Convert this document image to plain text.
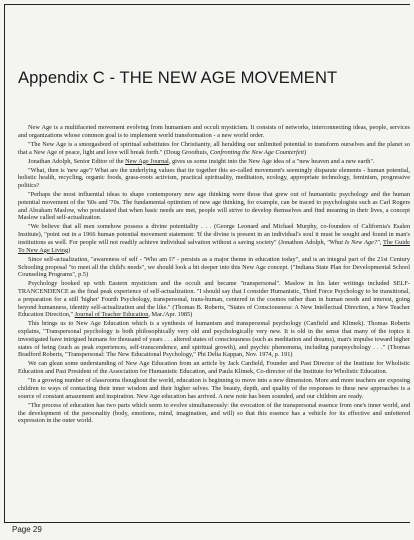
Appendix C - THE NEW AGE MOVEMENT

New Age is a multifaceted movement evolving from humanism and occult mysticism. It consists of networks, interconnecting ideas, people, services and organizations whose common goal is to implement world transformation - a new world order.

"The New Age is a smorgasbord of spiritual substitutes for Christianity, all heralding our unlimited potential to transform ourselves and the planet so that a New Age of peace, light and love will break forth." (Doug Groothuis, Confronting the New Age Counterfeit)

Jonathan Adolph, Senior Editor of the New Age Journal, gives us some insight into the New Age idea of a "new heaven and a new earth".

"What, then is 'new age'? What are the underlying values that tie together this so-called movement's seemingly disparate elements - human potential, holistic health, recycling, organic foods, grass-roots activism, practical spirituality, meditation, ecology, appropriate technology, feminism, progressive politics?

"Perhaps the most influential ideas to shape contemporary new age thinking were those that grew out of humanistic psychology and the human potential movement of the '60s and '70s. The fundamental optimism of new age thinking, for example, can be traced to psychologists such as Carl Rogers and Abraham Maslow, who postulated that when basic needs are met, people will strive to develop themselves and find meaning in their lives, a concept Maslow called self-actualization.

"We believe that all men somehow possess a divine potentiality . . . (George Leonard and Michael Murphy, co-founders of California's Esalen Institute), "point out in a 1966 human potential movement statement: 'If the divine is present in an individual's soul it must be sought and found in man's institutions as well. For people will not readily achieve individual salvation without a saving society" (Jonathon Adolph, "What Is New Age?", The Guide To New Age Living)

Since self-actualization, "awareness of self - 'Who am I?' - persists as a major theme in education today", and is an integral part of the 21st Century Schooling proposal "to meet all the child's needs", we should look a bit deeper into this New Age concept. ("Indiana State Plan for Developmental School Counseling Programs", p.5)

Psychology hooked up with Eastern mysticism and the occult and became "transpersonal". Maslow in his later writings included SELF-TRANCENDENCE as the final peak experience of self-actualization. "I should say that I consider Humanistic, Third Force Psychology to be transitional, a preparation for a still 'higher' Fourth Psychology, transpersonal, trans-human, centered in the cosmos rather than in human needs and interest, going beyond humanness, identity self-actualization and the like." (Thomas B. Roberts, "States of Consciousness: A New Intellectual Direction, a New Teacher Education Direction," Journal of Teacher Education, Mar./Apr. 1985)

This brings us to New Age Education which is a synthesis of humanism and transpersonal psychology (Canfield and Klimek). Thomas Roberts explains, "Transpersonal psychology is both philosophically very old and psychologically very new. It is old in the sense that many of the topics it investigated have intrigued humans for thousand of years . . . altered states of consciousness (such as meditation and dreams), man's impulse toward higher states of being (such as peak experiences, self-transcendence, and spiritual growth), and psychic phenomena, including parapsychology . . ." (Thomas Bradford Roberts, "Transpersonal: The New Educational Psychology," Phi Delta Kappan, Nov. 1974, p. 191)

We can glean some understanding of New Age Education from an article by Jack Canfield, Founder and Past Director of the Institute for Wholistic Education and Past President of the Association for Humanistic Education, and Paula Klimek, Co-director of the Institute for Wholistic Education.

"In a growing number of classrooms thoughout the world, education is beginning to move into a new dimension. More and more teachers are exposing children to ways of contacting their inner wisdom and their higher selves. The beauty, depth, and quality of the responses to these new approaches is a source of constant amazement and inspiration. New Age education has arrived. A new note has been sounded, and our children are ready.

"The process of education has two parts which seem to evolve simultaneously: the evocation of the transpersonal essence from one's inner world, and the development of the personality (body, emotions, mind, imagination, and will) so that this essence has a vehicle for its effective and unfettered expression in the outer world.

Page 29
